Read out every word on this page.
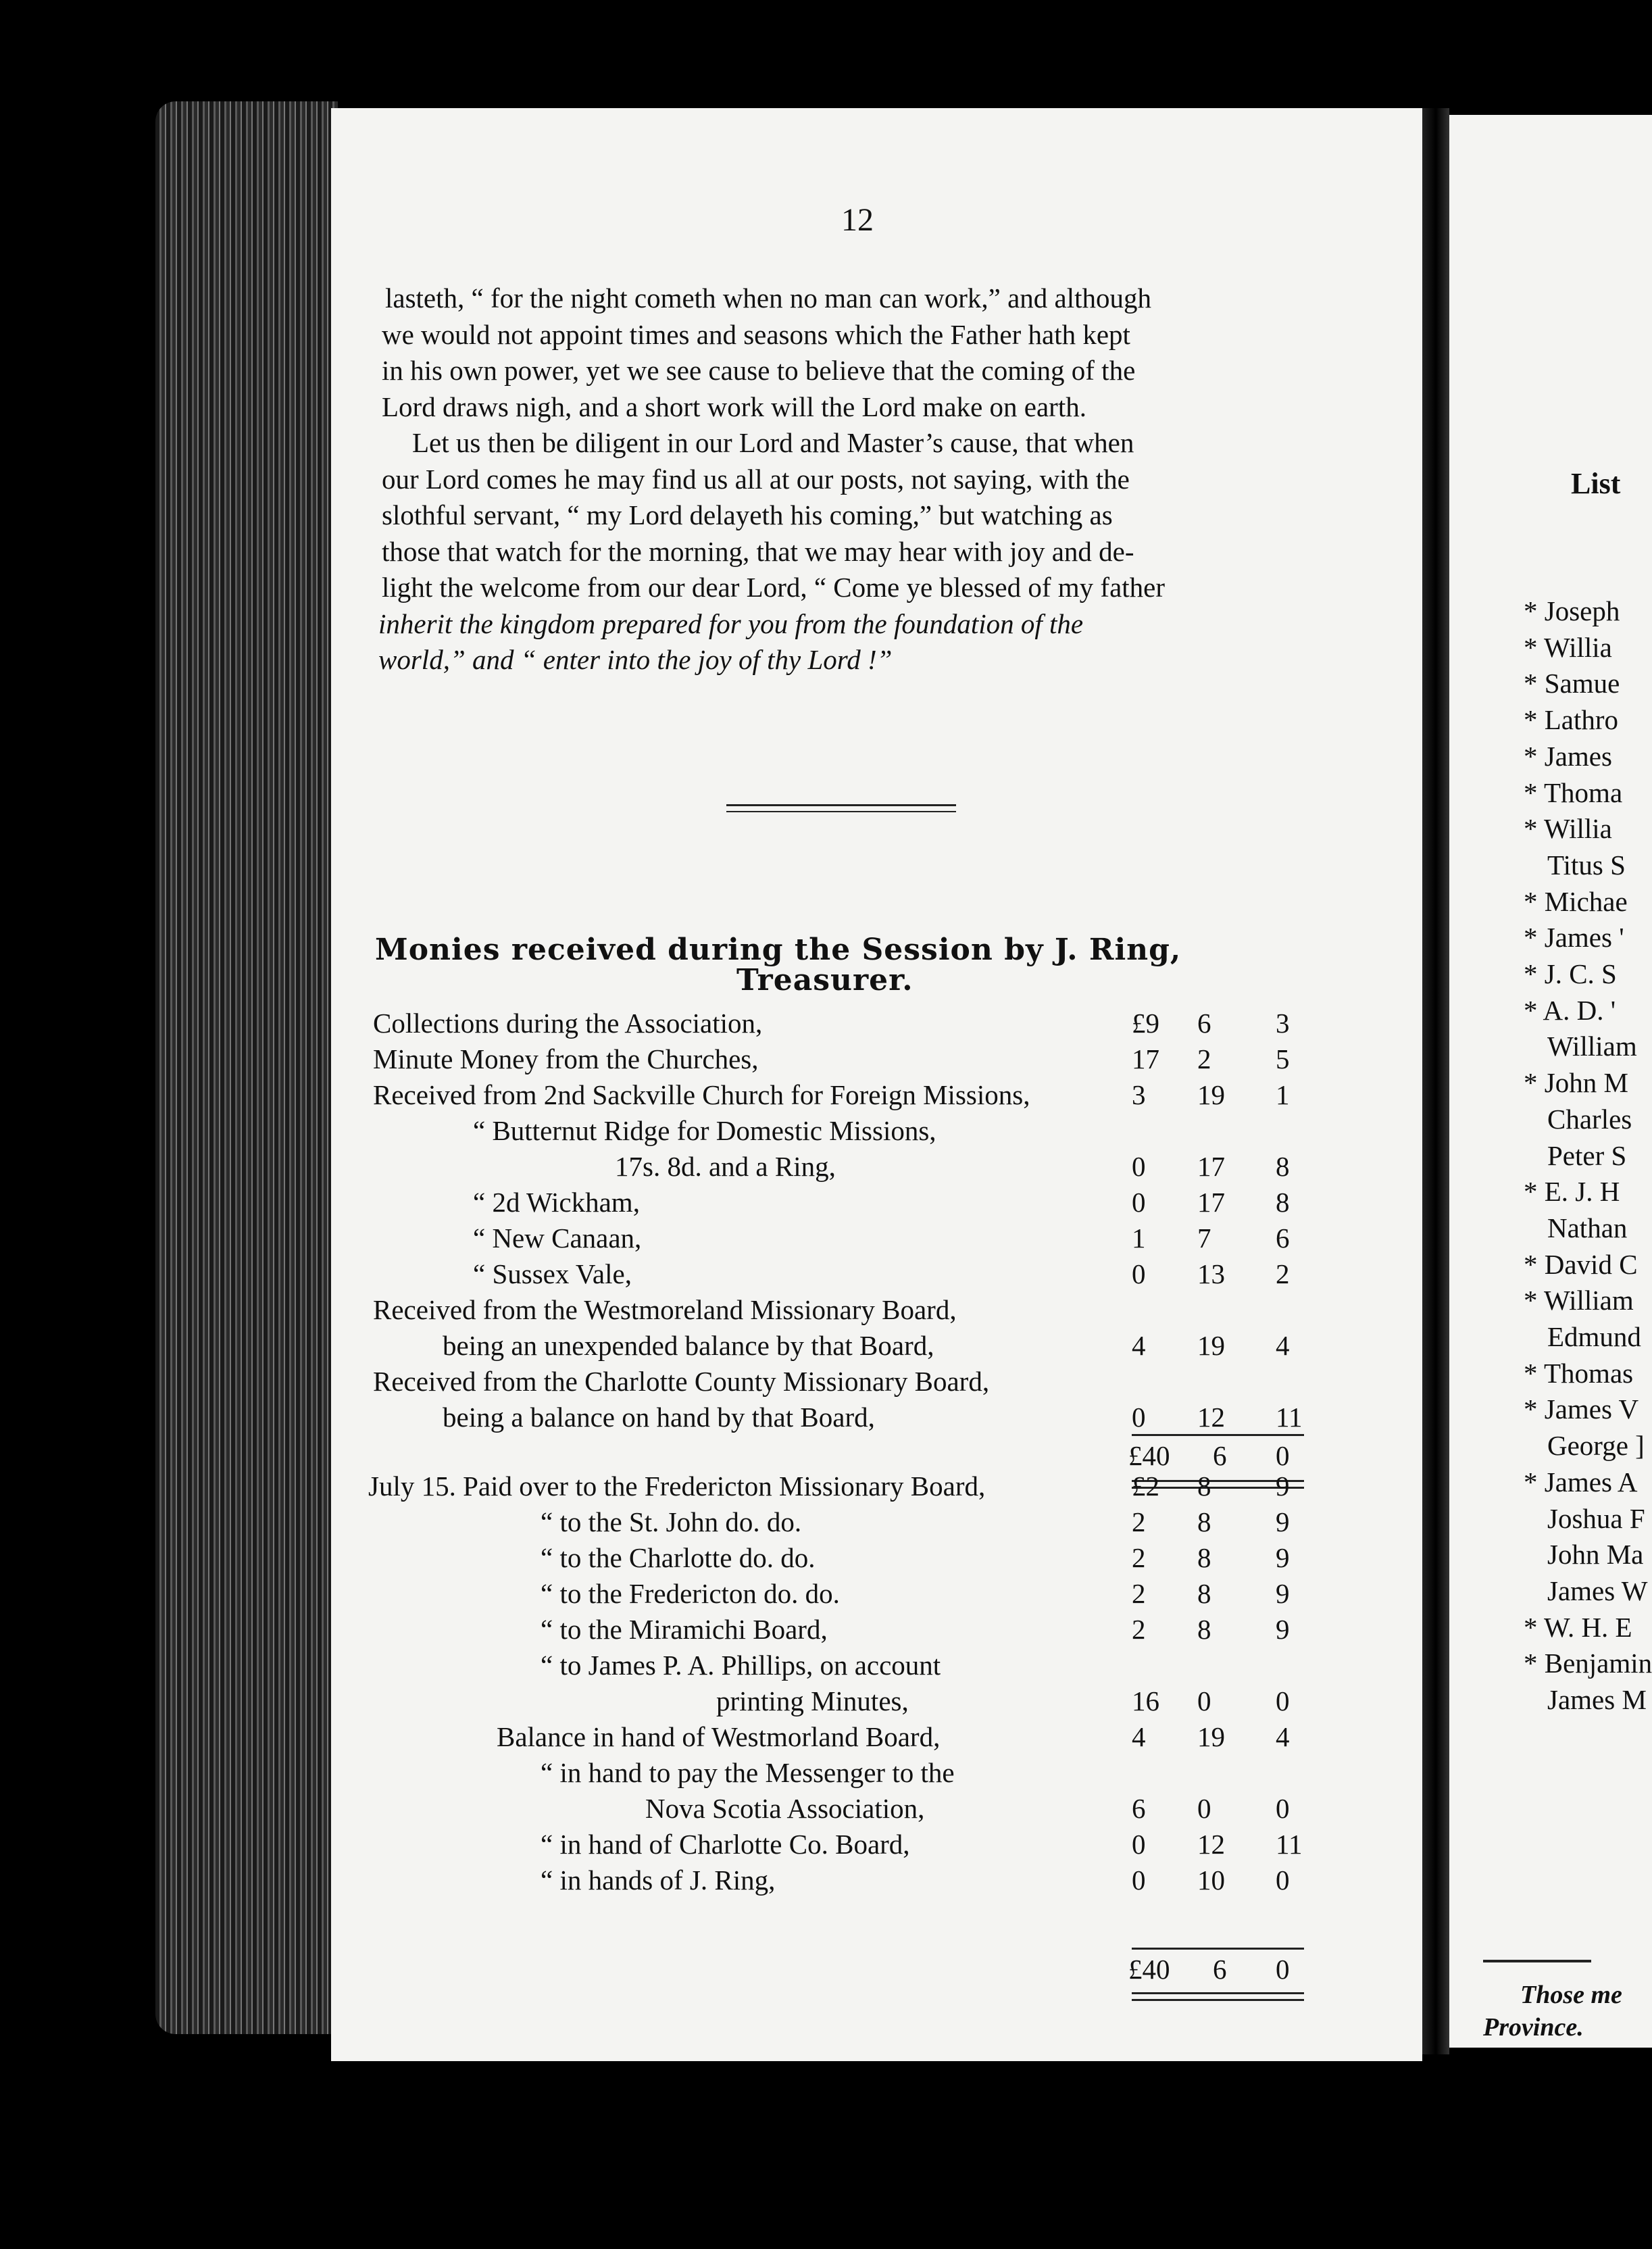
12
Monies received during the Session by J. Ring,
Treasurer.
List
Those me
Province.
lasteth, “ for the night cometh when no man can work,” and although
we would not appoint times and seasons which the Father hath kept
in his own power, yet we see cause to believe that the coming of the
Lord draws nigh, and a short work will the Lord make on earth.
Let us then be diligent in our Lord and Master’s cause, that when
our Lord comes he may find us all at our posts, not saying, with the
slothful servant, “ my Lord delayeth his coming,” but watching as
those that watch for the morning, that we may hear with joy and de-
light the welcome from our dear Lord, “ Come ye blessed of my father
inherit the kingdom prepared for you from the foundation of the
world,” and “ enter into the joy of thy Lord !”
Collections during the Association,	£9 6 3
Minute Money from the Churches,	17 2 5
Received from 2nd Sackville Church for Foreign Missions,	3 19 1
“ Butternut Ridge for Domestic Missions,
17s. 8d. and a Ring,	0 17 8
“ 2d Wickham,	0 17 8
“ New Canaan,	1 7 6
“ Sussex Vale,	0 13 2
Received from the Westmoreland Missionary Board,
being an unexpended balance by that Board,	4 19 4
Received from the Charlotte County Missionary Board,
being a balance on hand by that Board,	0 12 11
£40 6 0
July 15. Paid over to the Fredericton Missionary Board,	£2 8 9
“ to the St. John do. do.	2 8 9
“ to the Charlotte do. do.	2 8 9
“ to the Fredericton do. do.	2 8 9
“ to the Miramichi Board,	2 8 9
“ to James P. A. Phillips, on account
printing Minutes,	16 0 0
Balance in hand of Westmorland Board,	4 19 4
“ in hand to pay the Messenger to the
Nova Scotia Association,	6 0 0
“ in hand of Charlotte Co. Board,	0 12 11
“ in hands of J. Ring,	0 10 0
£40 6 0
* Joseph
* Willia
* Samue
* Lathro
* James
* Thoma
* Willia
Titus S
* Michae
* James '
* J. C. S
* A. D. '
William
* John M
Charles
Peter S
* E. J. H
Nathan
* David C
* William
Edmund
* Thomas
* James V
George ]
* James A
Joshua F
John Ma
James W
* W. H. E
* Benjamin
James M
